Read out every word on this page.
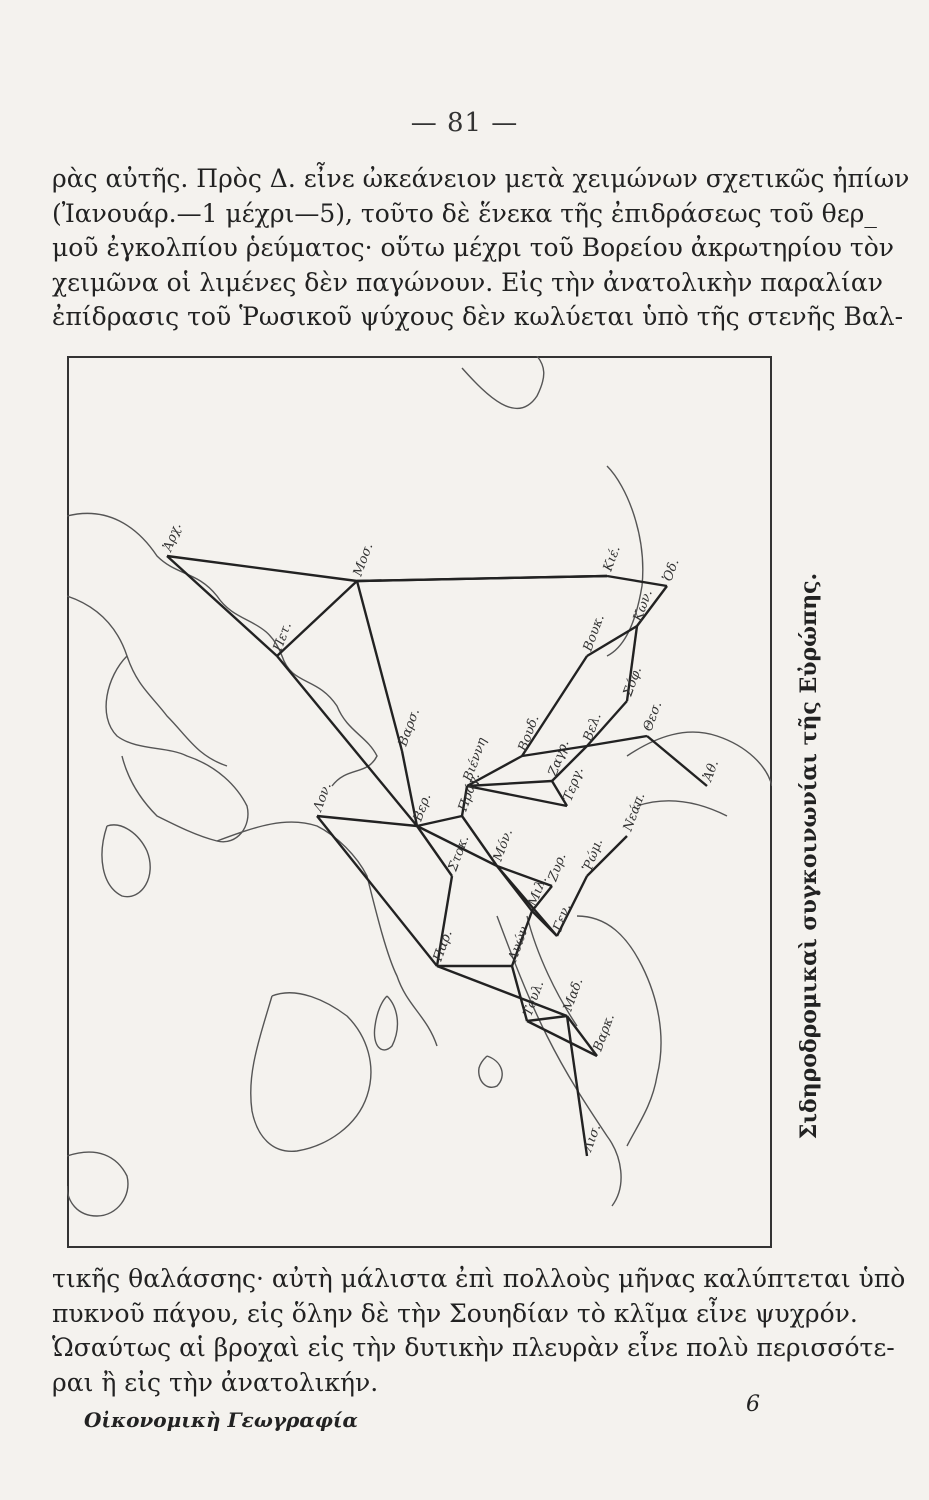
— 81 —
ρὰς αὐτῆς. Πρὸς Δ. εἶνε ὠκεάνειον μετὰ χειμώνων σχετικῶς ἠπίων
(Ἰανουάρ.—1 μέχρι—5), τοῦτο δὲ ἕνεκα τῆς ἐπιδράσεως τοῦ θερ_
μοῦ ἐγκολπίου ῥεύματος· οὕτω μέχρι τοῦ Βορείου ἀκρωτηρίου τὸν
χειμῶνα οἱ λιμένες δὲν παγώνουν. Εἰς τὴν ἀνατολικὴν παραλίαν
ἐπίδρασις τοῦ Ῥωσικοῦ ψύχους δὲν κωλύεται ὑπὸ τῆς στενῆς Βαλ-
Ἀρχ.
Μοσ.
Πετ.
Βαρσ.
Βιέννη
Βουδ.	Βελ.
Βουκ.
Κων.
Σόφ.
Θεσ.
Ὀδ.
Κιέ.
Λον.	Βερ. Πράγ.
Στοκ. Μόν.
Μιλ.
Ζυρ.
Παρ.	Λυών
Τουλ. Μαδ.
Βαρκ.
Λισ.
Ῥώμ.
Νεάπ.
Γεν.
Τεργ.
Ζαγρ.	Ἀθ.	Σιδηροδρομικαὶ συγκοινωνίαι τῆς Εὐρώπης.
τικῆς θαλάσσης· αὐτὴ μάλιστα ἐπὶ πολλοὺς μῆνας καλύπτεται ὑπὸ
πυκνοῦ πάγου, εἰς ὅλην δὲ τὴν Σουηδίαν τὸ κλῖμα εἶνε ψυχρόν.
Ὡσαύτως αἱ βροχαὶ εἰς τὴν δυτικὴν πλευρὰν εἶνε πολὺ περισσότε-
ραι ἢ εἰς τὴν ἀνατολικήν.
Οἰκονομικὴ Γεωγραφία
6
